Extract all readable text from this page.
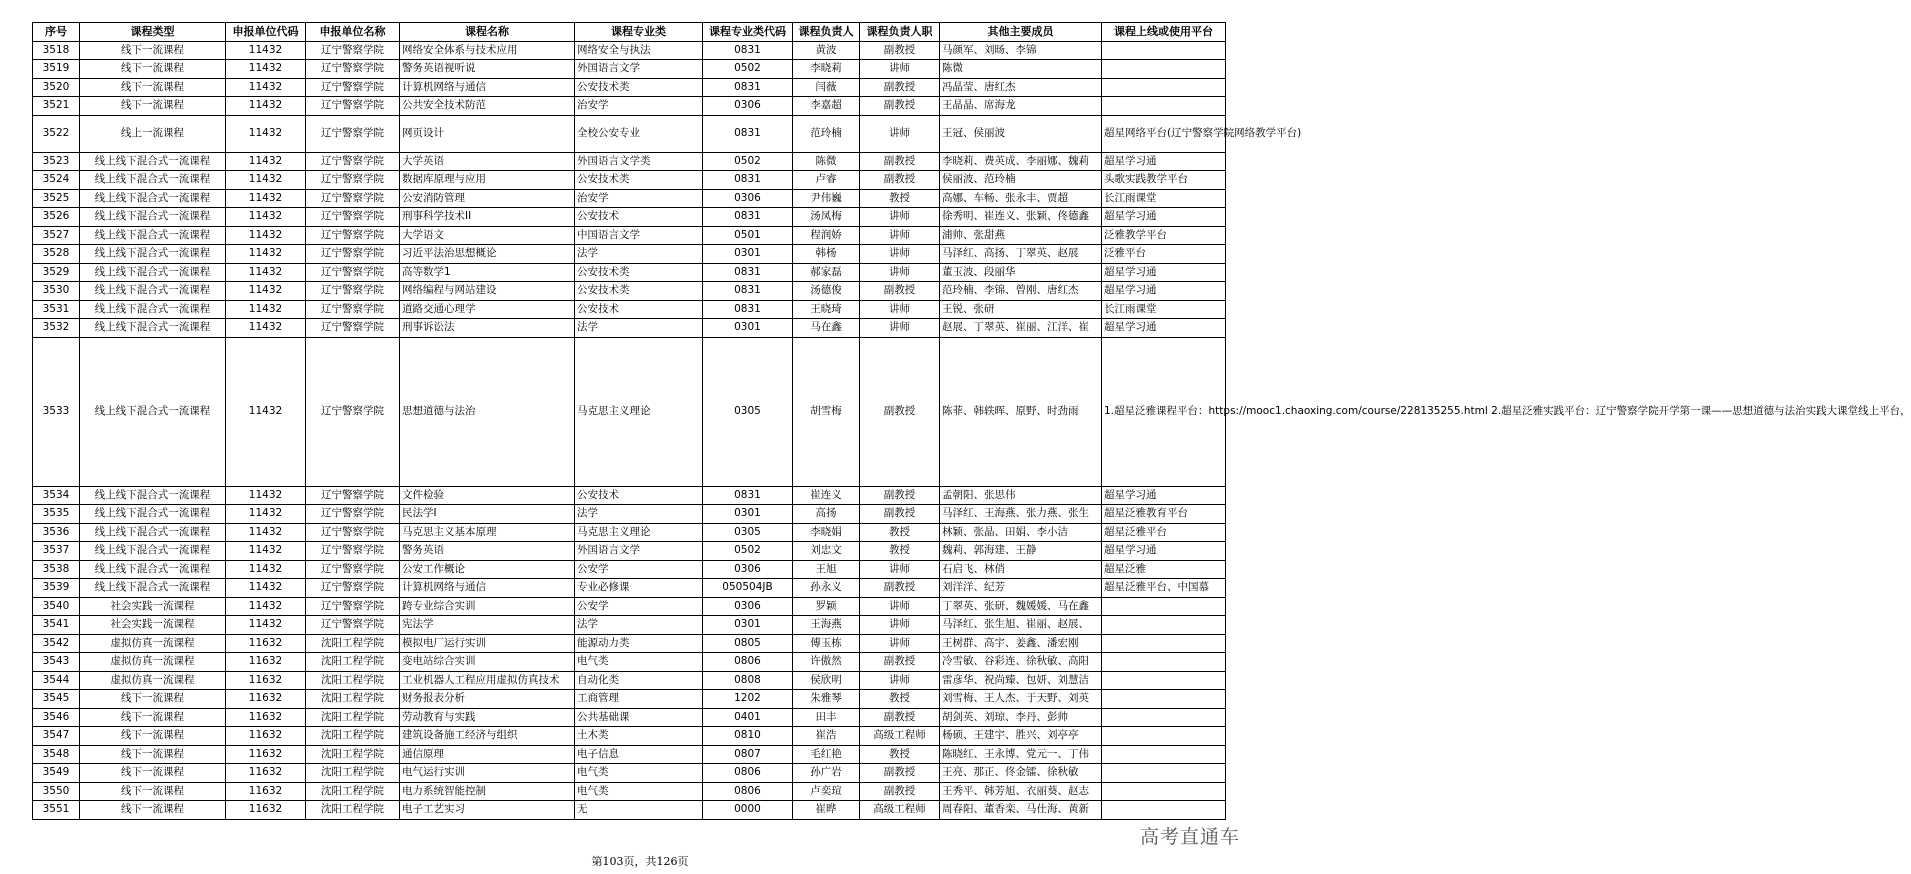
序号	课程类型	申报单位代码	申报单位名称	课程名称	课程专业类	课程专业类代码	课程负责人	课程负责人职	其他主要成员	课程上线或使用平台
3518	线下一流课程	11432	辽宁警察学院	网络安全体系与技术应用	网络安全与执法	0831	黄波	副教授	马颜军、刘旸、李锦	
3519	线下一流课程	11432	辽宁警察学院	警务英语视听说	外国语言文学	0502	李晓莉	讲师	陈微	
3520	线下一流课程	11432	辽宁警察学院	计算机网络与通信	公安技术类	0831	闫薇	副教授	冯晶莹、唐红杰	
3521	线下一流课程	11432	辽宁警察学院	公共安全技术防范	治安学	0306	李嘉超	副教授	王晶晶、席海龙	
3522	线上一流课程	11432	辽宁警察学院	网页设计	全校公安专业	0831	范玲楠	讲师	王冠、侯丽波	超星网络平台(辽宁警察学院网络教学平台)
3523	线上线下混合式一流课程	11432	辽宁警察学院	大学英语	外国语言文学类	0502	陈微	副教授	李晓莉、费英成、李丽娜、魏莉	超星学习通
3524	线上线下混合式一流课程	11432	辽宁警察学院	数据库原理与应用	公安技术类	0831	卢睿	副教授	侯丽波、范玲楠	头歌实践教学平台
3525	线上线下混合式一流课程	11432	辽宁警察学院	公安消防管理	治安学	0306	尹伟巍	教授	高娜、车畅、张永丰、贾超	长江雨课堂
3526	线上线下混合式一流课程	11432	辽宁警察学院	刑事科学技术II	公安技术	0831	汤凤梅	讲师	徐秀明、崔连义、张颖、佟德鑫	超星学习通
3527	线上线下混合式一流课程	11432	辽宁警察学院	大学语文	中国语言文学	0501	程润娇	讲师	浦帅、张甜燕	泛雅教学平台
3528	线上线下混合式一流课程	11432	辽宁警察学院	习近平法治思想概论	法学	0301	韩杨	讲师	马泽红、高扬、丁翠英、赵展	泛雅平台
3529	线上线下混合式一流课程	11432	辽宁警察学院	高等数学1	公安技术类	0831	郝家磊	讲师	董玉波、段丽华	超星学习通
3530	线上线下混合式一流课程	11432	辽宁警察学院	网络编程与网站建设	公安技术类	0831	汤德俊	副教授	范玲楠、李锦、曾刚、唐红杰	超星学习通
3531	线上线下混合式一流课程	11432	辽宁警察学院	道路交通心理学	公安技术	0831	王晓琦	讲师	王锐、张研	长江雨课堂
3532	线上线下混合式一流课程	11432	辽宁警察学院	刑事诉讼法	法学	0301	马在鑫	讲师	赵展、丁翠英、崔丽、江洋、崔	超星学习通
3533	线上线下混合式一流课程	11432	辽宁警察学院	思想道德与法治	马克思主义理论	0305	胡雪梅	副教授	陈菲、韩轶晖、原野、时劲雨	1.超星泛雅课程平台：https://mooc1.chaoxing.com/course/228135255.html 2.超星泛雅实践平台：辽宁警察学院开学第一课——思想道德与法治实践大课堂线上平台，
3534	线上线下混合式一流课程	11432	辽宁警察学院	文件检验	公安技术	0831	崔连义	副教授	孟朝阳、张思伟	超星学习通
3535	线上线下混合式一流课程	11432	辽宁警察学院	民法学Ⅰ	法学	0301	高扬	副教授	马泽红、王海燕、张力燕、张生	超星泛雅教育平台
3536	线上线下混合式一流课程	11432	辽宁警察学院	马克思主义基本原理	马克思主义理论	0305	李晓娟	教授	林颖、张晶、田娟、李小洁	超星泛雅平台
3537	线上线下混合式一流课程	11432	辽宁警察学院	警务英语	外国语言文学	0502	刘忠文	教授	魏莉、郭海建、王静	超星学习通
3538	线上线下混合式一流课程	11432	辽宁警察学院	公安工作概论	公安学	0306	王旭	讲师	石启飞、林俏	超星泛雅
3539	线上线下混合式一流课程	11432	辽宁警察学院	计算机网络与通信	专业必修课	050504JB	孙永义	副教授	刘洋洋、纪芳	超星泛雅平台、中国慕
3540	社会实践一流课程	11432	辽宁警察学院	跨专业综合实训	公安学	0306	罗颖	讲师	丁翠英、张研、魏媛媛、马在鑫	
3541	社会实践一流课程	11432	辽宁警察学院	宪法学	法学	0301	王海燕	讲师	马泽红、张生旭、崔丽、赵展、	
3542	虚拟仿真一流课程	11632	沈阳工程学院	模拟电厂运行实训	能源动力类	0805	傅玉栋	讲师	王树群、高宇、姜鑫、潘宏刚	
3543	虚拟仿真一流课程	11632	沈阳工程学院	变电站综合实训	电气类	0806	许傲然	副教授	冷雪敏、谷彩连、徐秋敏、高阳	
3544	虚拟仿真一流课程	11632	沈阳工程学院	工业机器人工程应用虚拟仿真技术	自动化类	0808	侯欣明	讲师	雷彦华、祝尚臻、包妍、刘慧洁	
3545	线下一流课程	11632	沈阳工程学院	财务报表分析	工商管理	1202	朱雅琴	教授	刘雪梅、王人杰、于天野、刘英	
3546	线下一流课程	11632	沈阳工程学院	劳动教育与实践	公共基础课	0401	田丰	副教授	胡剑英、刘琼、李丹、彭帅	
3547	线下一流课程	11632	沈阳工程学院	建筑设备施工经济与组织	土木类	0810	崔浩	高级工程师	杨硕、王建宇、胜兴、刘亭亭	
3548	线下一流课程	11632	沈阳工程学院	通信原理	电子信息	0807	毛红艳	教授	陈晓红、王永博、党元一、丁伟	
3549	线下一流课程	11632	沈阳工程学院	电气运行实训	电气类	0806	孙广岩	副教授	王亮、那正、佟金镭、徐秋敏	
3550	线下一流课程	11632	沈阳工程学院	电力系统智能控制	电气类	0806	卢奕瑄	副教授	王秀平、韩芳旭、衣丽葵、赵志	
3551	线下一流课程	11632	沈阳工程学院	电子工艺实习	无	0000	崔晔	高级工程师	周春阳、董香栾、马仕海、黄新	
高考直通车
第103页，共126页
